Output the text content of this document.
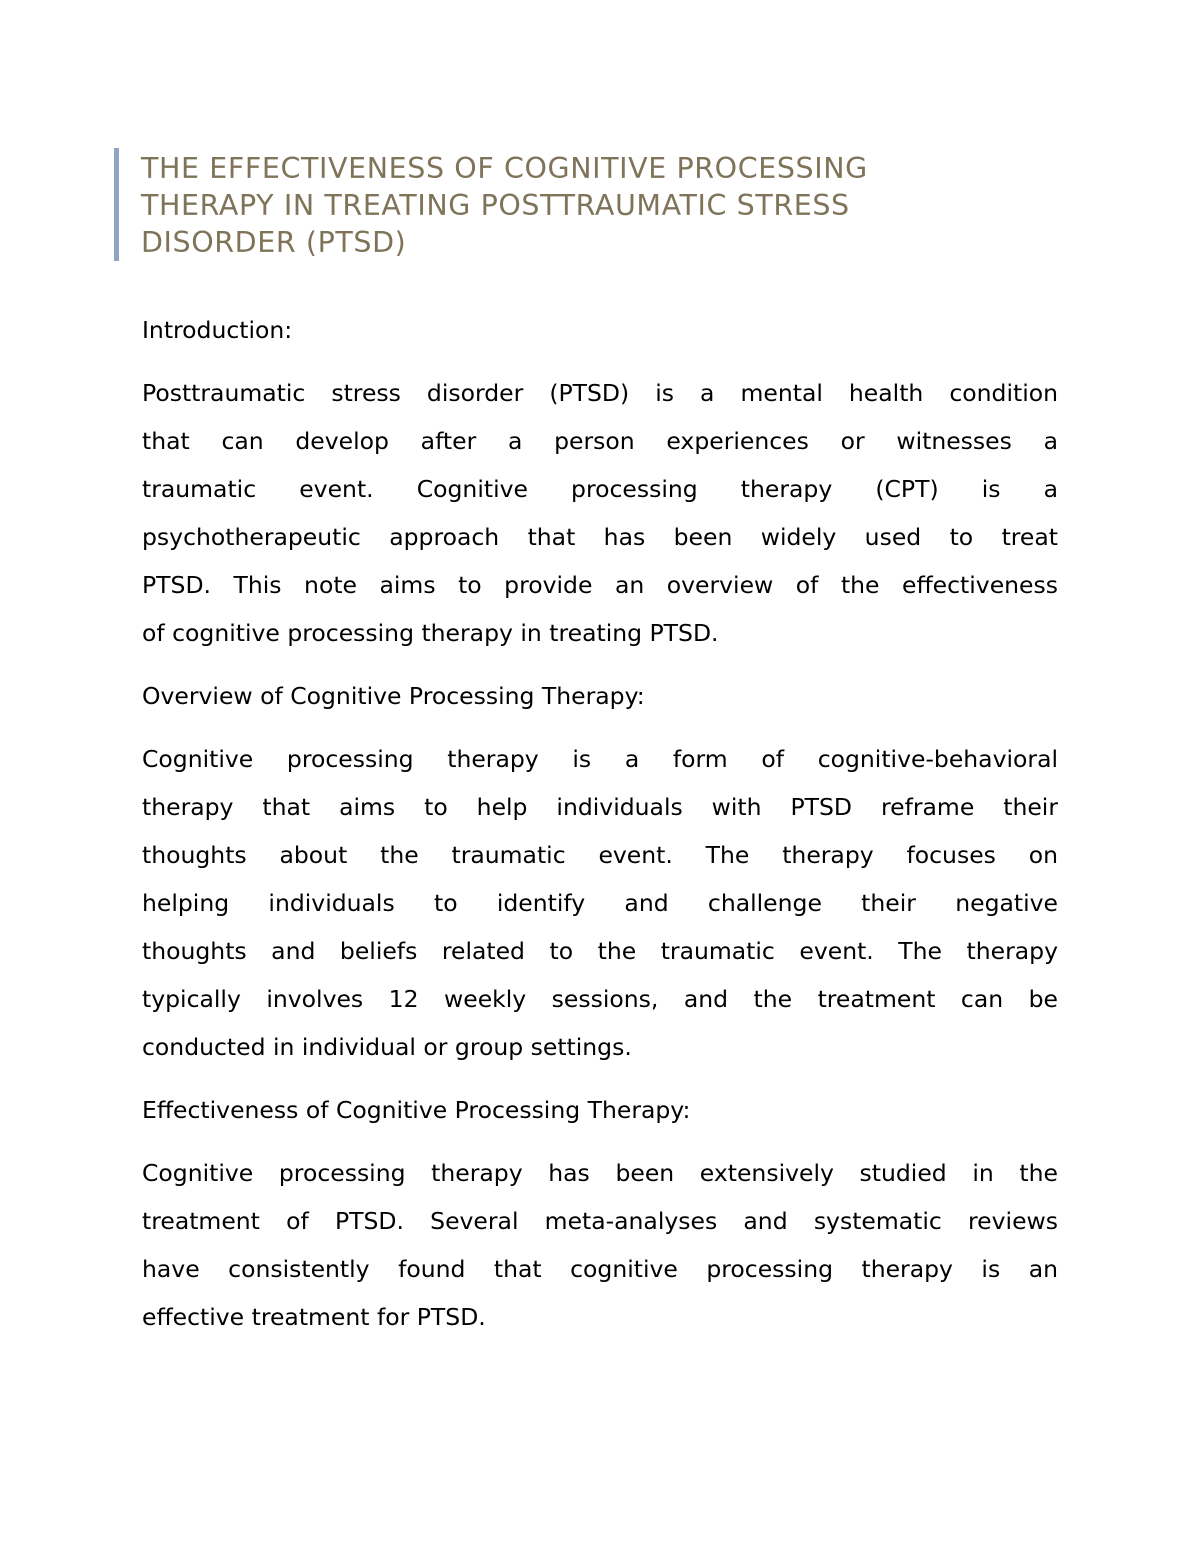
THE EFFECTIVENESS OF COGNITIVE PROCESSING

THERAPY IN TREATING POSTTRAUMATIC STRESS

DISORDER (PTSD)

Introduction:

Posttraumatic stress disorder (PTSD) is a mental health condition

that can develop after a person experiences or witnesses a

traumatic event. Cognitive processing therapy (CPT) is a

psychotherapeutic approach that has been widely used to treat

PTSD. This note aims to provide an overview of the effectiveness

of cognitive processing therapy in treating PTSD.

Overview of Cognitive Processing Therapy:

Cognitive processing therapy is a form of cognitive-behavioral

therapy that aims to help individuals with PTSD reframe their

thoughts about the traumatic event. The therapy focuses on

helping individuals to identify and challenge their negative

thoughts and beliefs related to the traumatic event. The therapy

typically involves 12 weekly sessions, and the treatment can be

conducted in individual or group settings.

Effectiveness of Cognitive Processing Therapy:

Cognitive processing therapy has been extensively studied in the

treatment of PTSD. Several meta-analyses and systematic reviews

have consistently found that cognitive processing therapy is an

effective treatment for PTSD.
